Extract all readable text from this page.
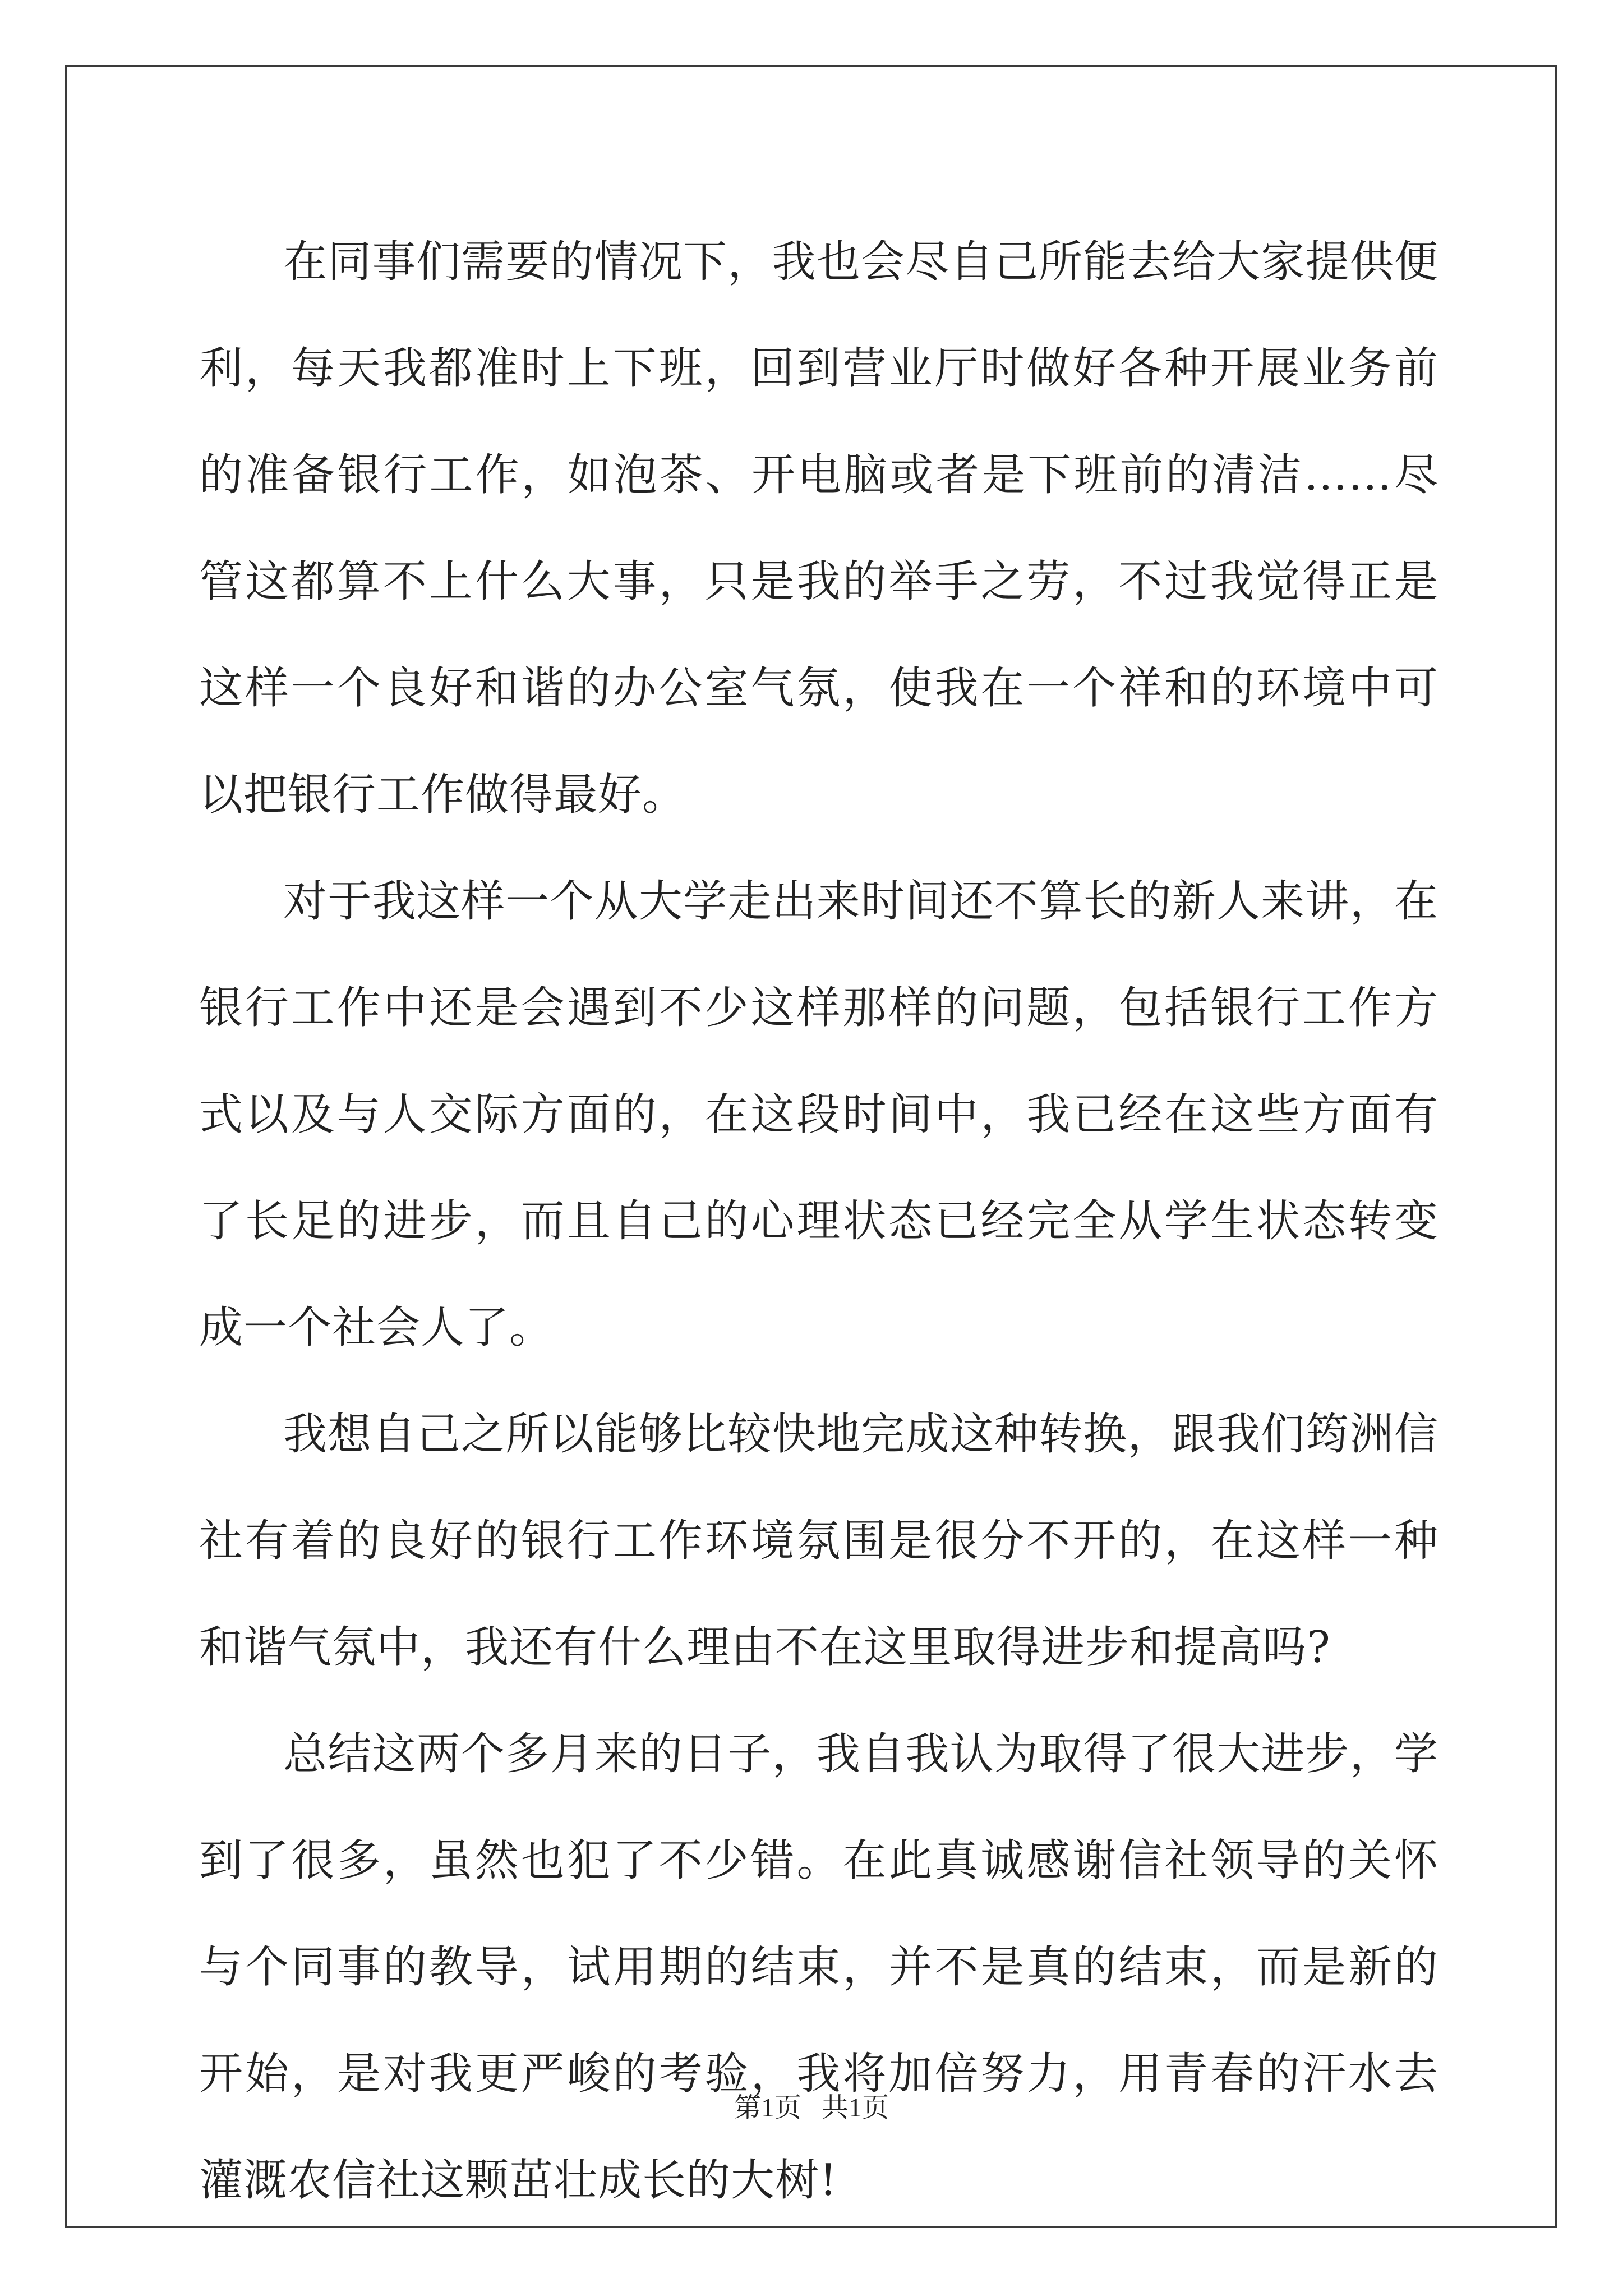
在同事们需要的情况下，我也会尽自己所能去给大家提供便利，每天我都准时上下班，回到营业厅时做好各种开展业务前的准备银行工作，如泡茶、开电脑或者是下班前的清洁……尽管这都算不上什么大事，只是我的举手之劳，不过我觉得正是这样一个良好和谐的办公室气氛，使我在一个祥和的环境中可以把银行工作做得最好。

对于我这样一个从大学走出来时间还不算长的新人来讲，在银行工作中还是会遇到不少这样那样的问题，包括银行工作方式以及与人交际方面的，在这段时间中，我已经在这些方面有了长足的进步，而且自己的心理状态已经完全从学生状态转变成一个社会人了。

我想自己之所以能够比较快地完成这种转换，跟我们筠洲信社有着的良好的银行工作环境氛围是很分不开的，在这样一种和谐气氛中，我还有什么理由不在这里取得进步和提高吗?

总结这两个多月来的日子，我自我认为取得了很大进步，学到了很多，虽然也犯了不少错。在此真诚感谢信社领导的关怀与个同事的教导，试用期的结束，并不是真的结束，而是新的开始，是对我更严峻的考验，我将加倍努力，用青春的汗水去灌溉农信社这颗茁壮成长的大树!

第1页 共1页
